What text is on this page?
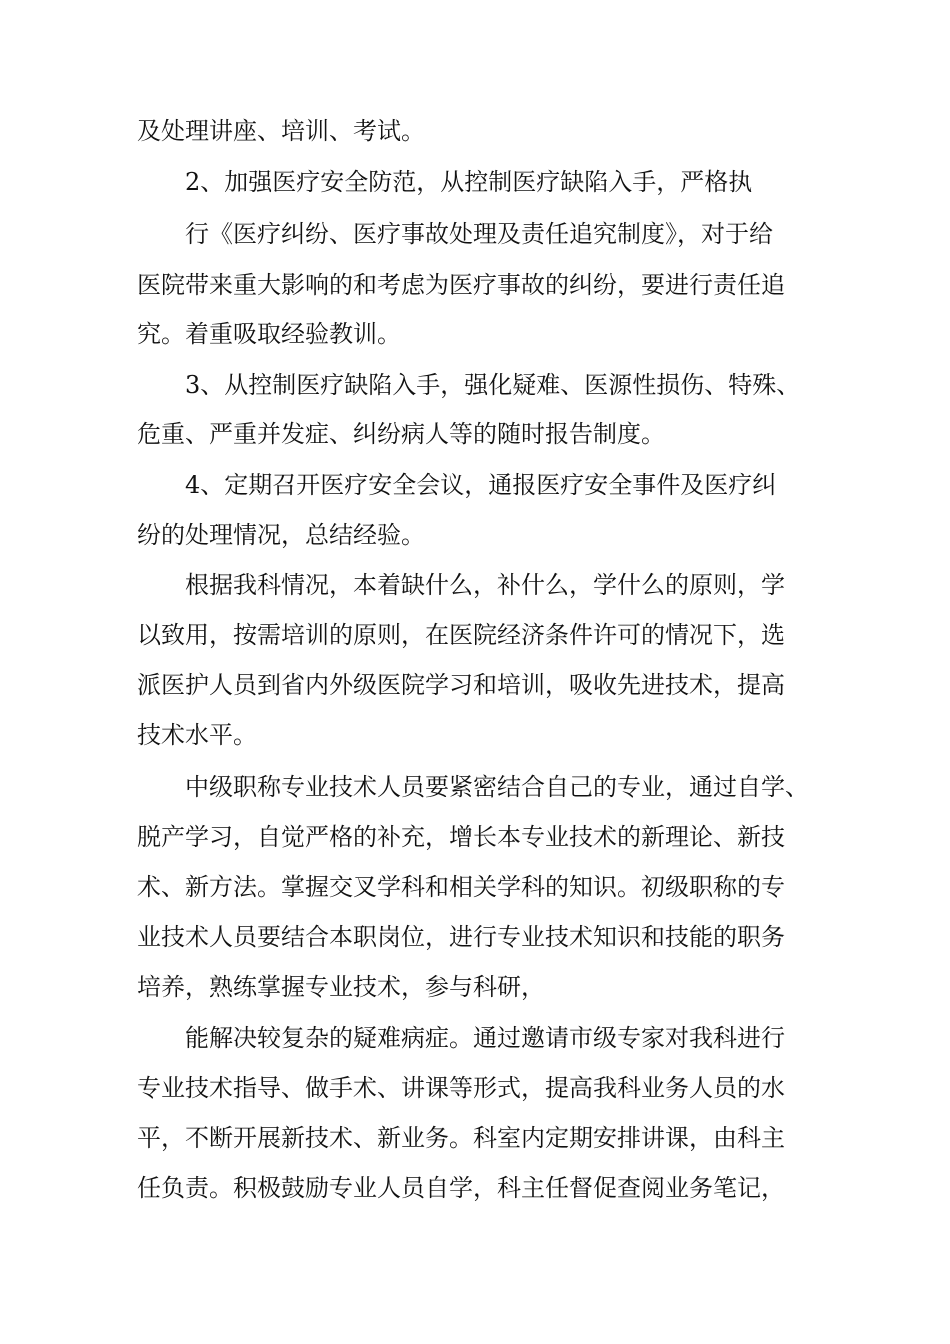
及处理讲座、培训、考试。
2、加强医疗安全防范，从控制医疗缺陷入手，严格执
行《医疗纠纷、医疗事故处理及责任追究制度》，对于给
医院带来重大影响的和考虑为医疗事故的纠纷，要进行责任追
究。着重吸取经验教训。
3、从控制医疗缺陷入手，强化疑难、医源性损伤、特殊、
危重、严重并发症、纠纷病人等的随时报告制度。
4、定期召开医疗安全会议，通报医疗安全事件及医疗纠
纷的处理情况，总结经验。
根据我科情况，本着缺什么，补什么，学什么的原则，学
以致用，按需培训的原则，在医院经济条件许可的情况下，选
派医护人员到省内外级医院学习和培训，吸收先进技术，提高
技术水平。
中级职称专业技术人员要紧密结合自己的专业，通过自学、
脱产学习，自觉严格的补充，增长本专业技术的新理论、新技
术、新方法。掌握交叉学科和相关学科的知识。初级职称的专
业技术人员要结合本职岗位，进行专业技术知识和技能的职务
培养，熟练掌握专业技术，参与科研，
能解决较复杂的疑难病症。通过邀请市级专家对我科进行
专业技术指导、做手术、讲课等形式，提高我科业务人员的水
平，不断开展新技术、新业务。科室内定期安排讲课，由科主
任负责。积极鼓励专业人员自学，科主任督促查阅业务笔记，
